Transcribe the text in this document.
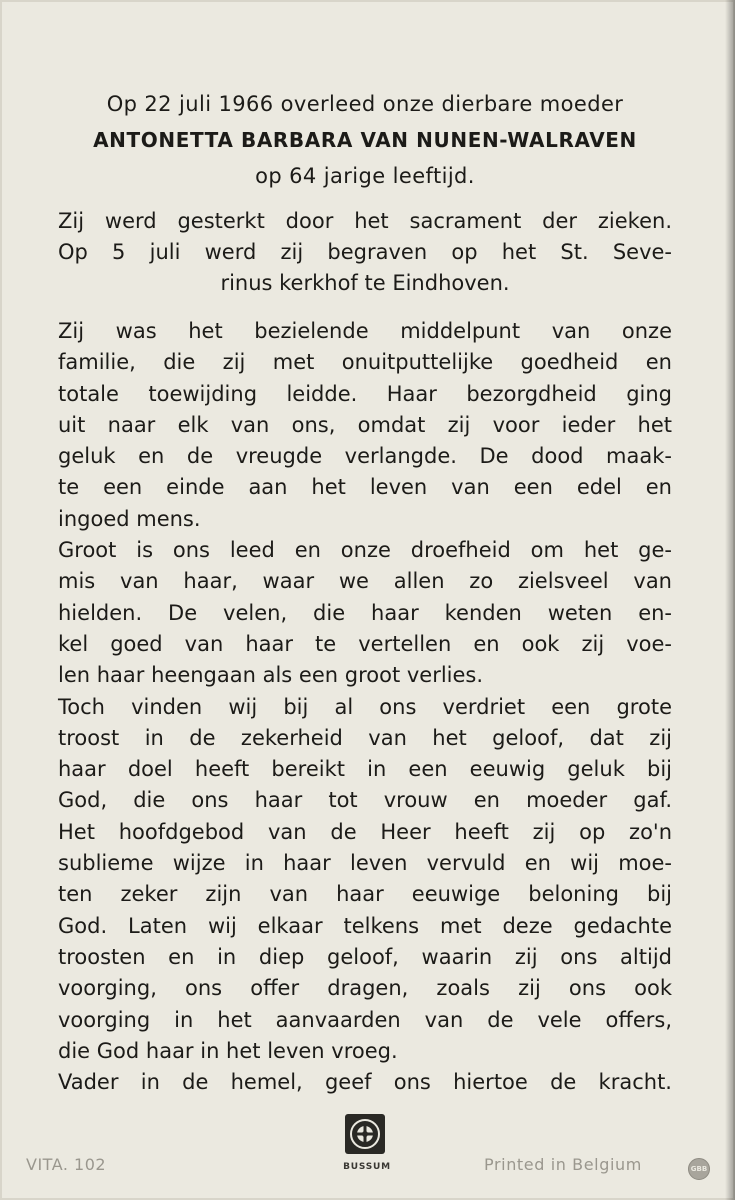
Op 22 juli 1966 overleed onze dierbare moeder
ANTONETTA BARBARA VAN NUNEN-WALRAVEN
op 64 jarige leeftijd.
Zij werd gesterkt door het sacrament der zieken.
Op 5 juli werd zij begraven op het St. Seve-
rinus kerkhof te Eindhoven.
Zij was het bezielende middelpunt van onze
familie, die zij met onuitputtelijke goedheid en
totale toewijding leidde. Haar bezorgdheid ging
uit naar elk van ons, omdat zij voor ieder het
geluk en de vreugde verlangde. De dood maak-
te een einde aan het leven van een edel en
ingoed mens.
Groot is ons leed en onze droefheid om het ge-
mis van haar, waar we allen zo zielsveel van
hielden. De velen, die haar kenden weten en-
kel goed van haar te vertellen en ook zij voe-
len haar heengaan als een groot verlies.
Toch vinden wij bij al ons verdriet een grote
troost in de zekerheid van het geloof, dat zij
haar doel heeft bereikt in een eeuwig geluk bij
God, die ons haar tot vrouw en moeder gaf.
Het hoofdgebod van de Heer heeft zij op zo'n
sublieme wijze in haar leven vervuld en wij moe-
ten zeker zijn van haar eeuwige beloning bij
God. Laten wij elkaar telkens met deze gedachte
troosten en in diep geloof, waarin zij ons altijd
voorging, ons offer dragen, zoals zij ons ook
voorging in het aanvaarden van de vele offers,
die God haar in het leven vroeg.
Vader in de hemel, geef ons hiertoe de kracht.
VITA. 102	BUSSUM	Printed in Belgium	GBB
